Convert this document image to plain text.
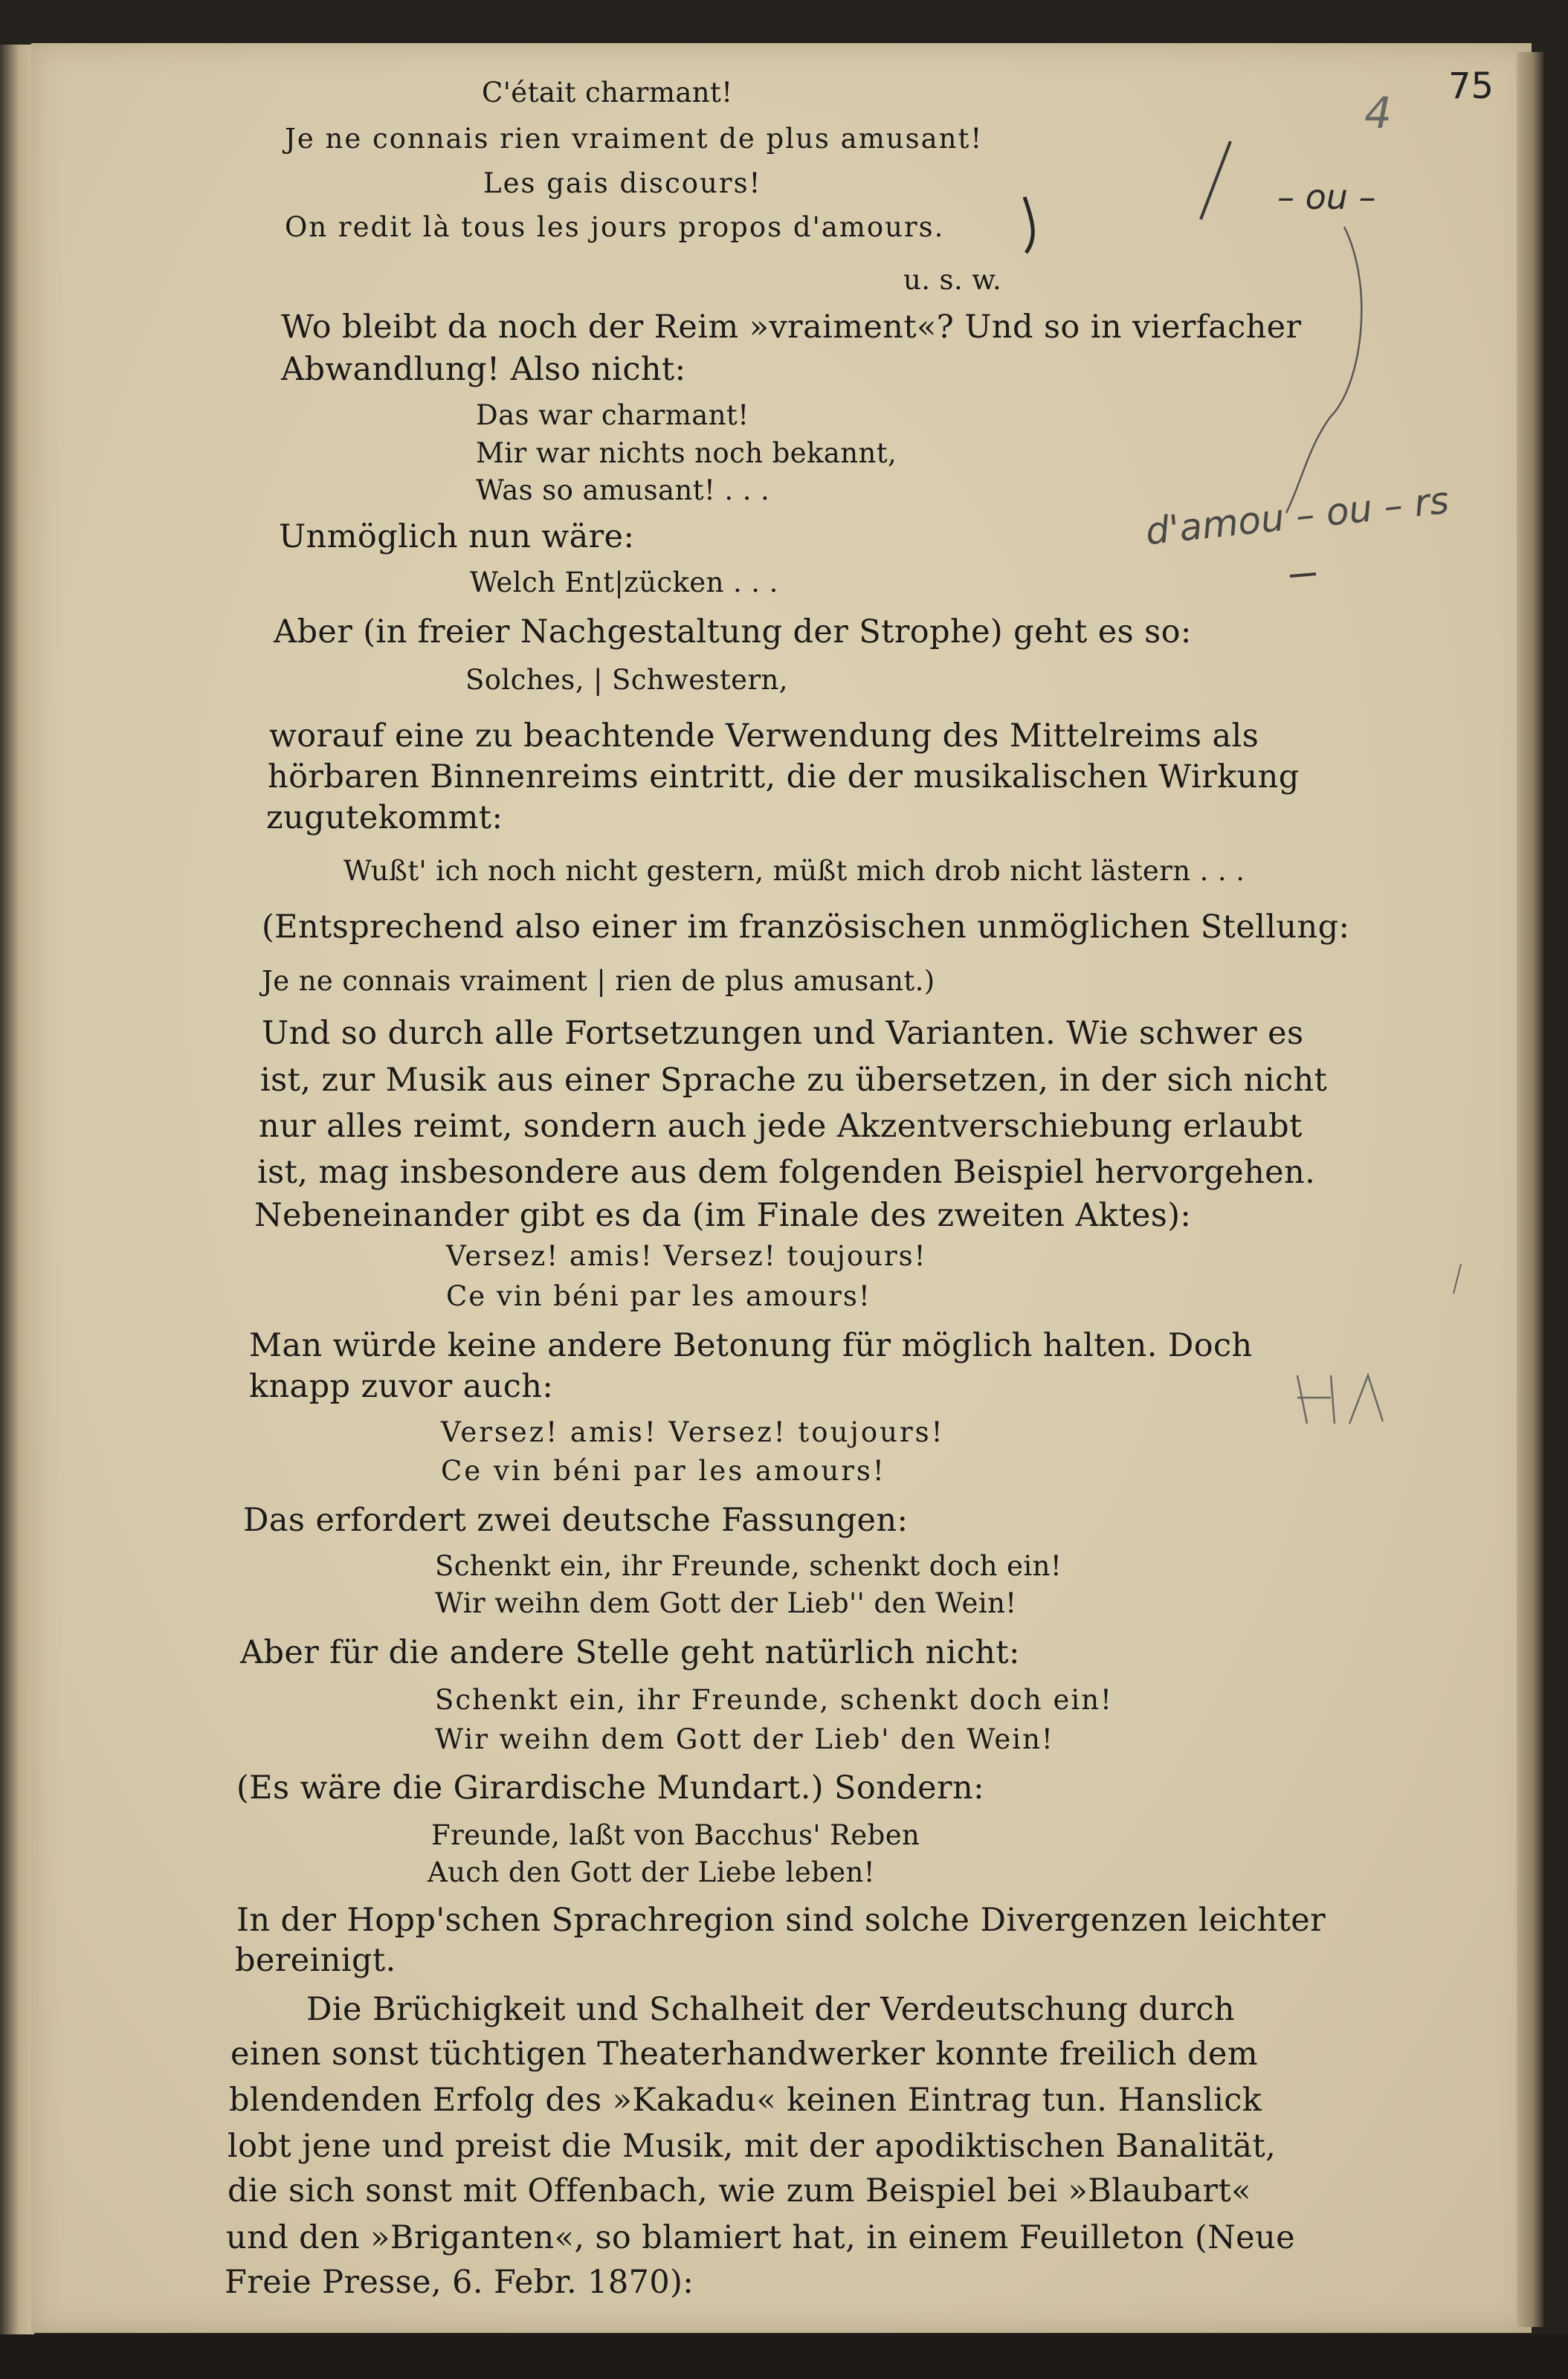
75
C'était charmant!
Je ne connais rien vraiment de plus amusant!
Les gais discours!
On redit là tous les jours propos d'amours.
u. s. w.
Wo bleibt da noch der Reim »vraiment«? Und so in vierfacher
Abwandlung! Also nicht:
Das war charmant!
Mir war nichts noch bekannt,
Was so amusant! . . .
Unmöglich nun wäre:
Welch Ent|zücken . . .
Aber (in freier Nachgestaltung der Strophe) geht es so:
Solches, | Schwestern,
worauf eine zu beachtende Verwendung des Mittelreims als
hörbaren Binnenreims eintritt, die der musikalischen Wirkung
zugutekommt:
Wußt' ich noch nicht gestern, müßt mich drob nicht lästern . . .
(Entsprechend also einer im französischen unmöglichen Stellung:
Je ne connais vraiment | rien de plus amusant.)
Und so durch alle Fortsetzungen und Varianten. Wie schwer es
ist, zur Musik aus einer Sprache zu übersetzen, in der sich nicht
nur alles reimt, sondern auch jede Akzentverschiebung erlaubt
ist, mag insbesondere aus dem folgenden Beispiel hervorgehen.
Nebeneinander gibt es da (im Finale des zweiten Aktes):
Versez! amis! Versez! toujours!
Ce vin béni par les amours!
Man würde keine andere Betonung für möglich halten. Doch
knapp zuvor auch:
Versez! amis! Versez! toujours!
Ce vin béni par les amours!
Das erfordert zwei deutsche Fassungen:
Schenkt ein, ihr Freunde, schenkt doch ein!
Wir weihn dem Gott der Lieb'' den Wein!
Aber für die andere Stelle geht natürlich nicht:
Schenkt ein, ihr Freunde, schenkt doch ein!
Wir weihn dem Gott der Lieb' den Wein!
(Es wäre die Girardische Mundart.) Sondern:
Freunde, laßt von Bacchus' Reben
Auch den Gott der Liebe leben!
In der Hopp'schen Sprachregion sind solche Divergenzen leichter
bereinigt.
Die Brüchigkeit und Schalheit der Verdeutschung durch
einen sonst tüchtigen Theaterhandwerker konnte freilich dem
blendenden Erfolg des »Kakadu« keinen Eintrag tun. Hanslick
lobt jene und preist die Musik, mit der apodiktischen Banalität,
die sich sonst mit Offenbach, wie zum Beispiel bei »Blaubart«
und den »Briganten«, so blamiert hat, in einem Feuilleton (Neue
Freie Presse, 6. Febr. 1870):
4
– ou –
d'amou – ou – rs
